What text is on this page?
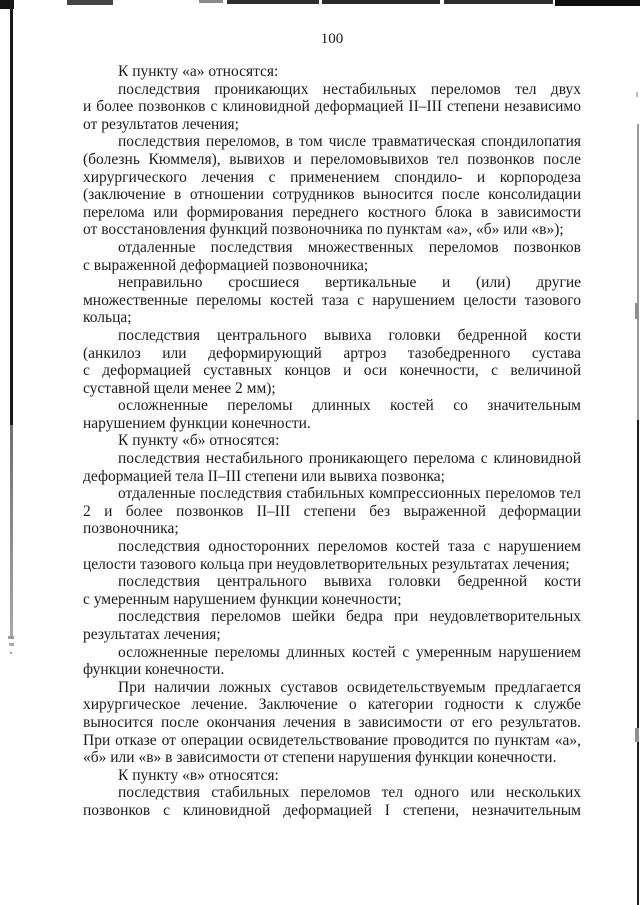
100

К пункту «а» относятся:

последствия проникающих нестабильных переломов тел двух
и более позвонков с клиновидной деформацией II–III степени независимо
от результатов лечения;

последствия переломов, в том числе травматическая спондилопатия
(болезнь Кюммеля), вывихов и переломовывихов тел позвонков после
хирургического лечения с применением спондило- и корпородеза
(заключение в отношении сотрудников выносится после консолидации
перелома или формирования переднего костного блока в зависимости
от восстановления функций позвоночника по пунктам «а», «б» или «в»);

отдаленные последствия множественных переломов позвонков
с выраженной деформацией позвоночника;

неправильно сросшиеся вертикальные и (или) другие
множественные переломы костей таза с нарушением целости тазового
кольца;

последствия центрального вывиха головки бедренной кости
(анкилоз или деформирующий артроз тазобедренного сустава
с деформацией суставных концов и оси конечности, с величиной
суставной щели менее 2 мм);

осложненные переломы длинных костей со значительным
нарушением функции конечности.

К пункту «б» относятся:

последствия нестабильного проникающего перелома с клиновидной
деформацией тела II–III степени или вывиха позвонка;

отдаленные последствия стабильных компрессионных переломов тел
2 и более позвонков II–III степени без выраженной деформации
позвоночника;

последствия односторонних переломов костей таза с нарушением
целости тазового кольца при неудовлетворительных результатах лечения;

последствия центрального вывиха головки бедренной кости
с умеренным нарушением функции конечности;

последствия переломов шейки бедра при неудовлетворительных
результатах лечения;

осложненные переломы длинных костей с умеренным нарушением
функции конечности.

При наличии ложных суставов освидетельствуемым предлагается
хирургическое лечение. Заключение о категории годности к службе
выносится после окончания лечения в зависимости от его результатов.
При отказе от операции освидетельствование проводится по пунктам «а»,
«б» или «в» в зависимости от степени нарушения функции конечности.

К пункту «в» относятся:

последствия стабильных переломов тел одного или нескольких
позвонков с клиновидной деформацией I степени, незначительным
